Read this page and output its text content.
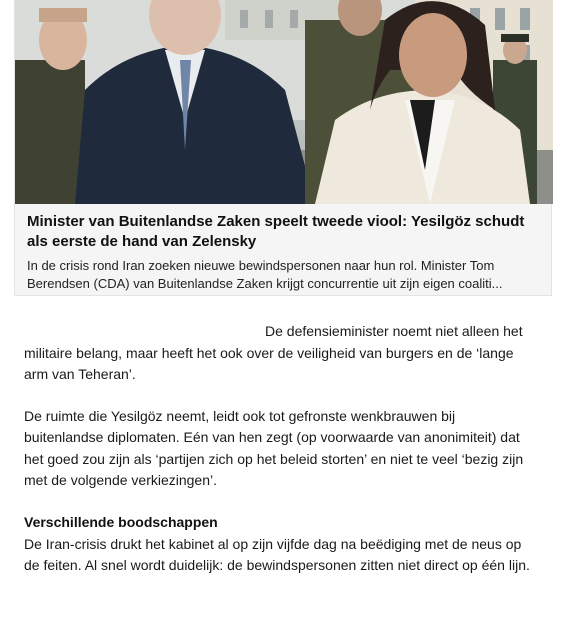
Minister van Buitenlandse Zaken speelt tweede viool: Yesilgöz schudt als eerste de hand van Zelensky

In de crisis rond Iran zoeken nieuwe bewindspersonen naar hun rol. Minister Tom Berendsen (CDA) van Buitenlandse Zaken krijgt concurrentie uit zijn eigen coaliti...

De defensieminister noemt niet alleen het militaire belang, maar heeft het ook over de veiligheid van burgers en de ‘lange arm van Teheran’.

De ruimte die Yesilgöz neemt, leidt ook tot gefronste wenkbrauwen bij buitenlandse diplomaten. Eén van hen zegt (op voorwaarde van anonimiteit) dat het goed zou zijn als ‘partijen zich op het beleid storten’ en niet te veel ‘bezig zijn met de volgende verkiezingen’.

Verschillende boodschappen

De Iran-crisis drukt het kabinet al op zijn vijfde dag na beëdiging met de neus op de feiten. Al snel wordt duidelijk: de bewindspersonen zitten niet direct op één lijn.
